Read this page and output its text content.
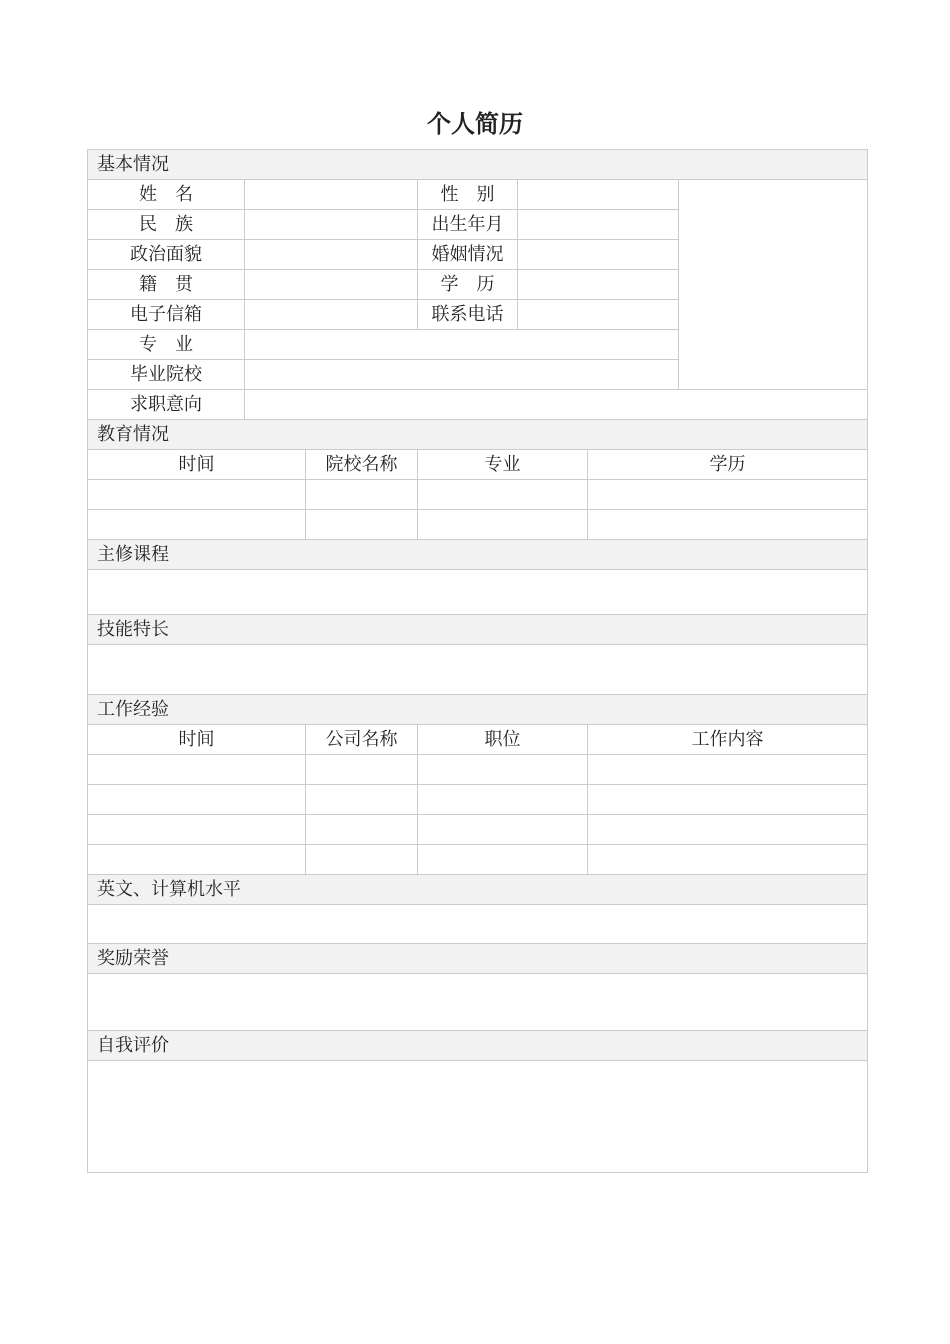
个人简历
基本情况						
姓　名			性　别			
民　族			出生年月			
政治面貌			婚姻情况			
籍　贯			学　历			
电子信箱			联系电话			
专　业						
毕业院校						
求职意向						
教育情况						
时间		院校名称	专业		学历	

主修课程						

技能特长						

工作经验						
时间		公司名称	职位		工作内容	

英文、计算机水平						

奖励荣誉						

自我评价						
